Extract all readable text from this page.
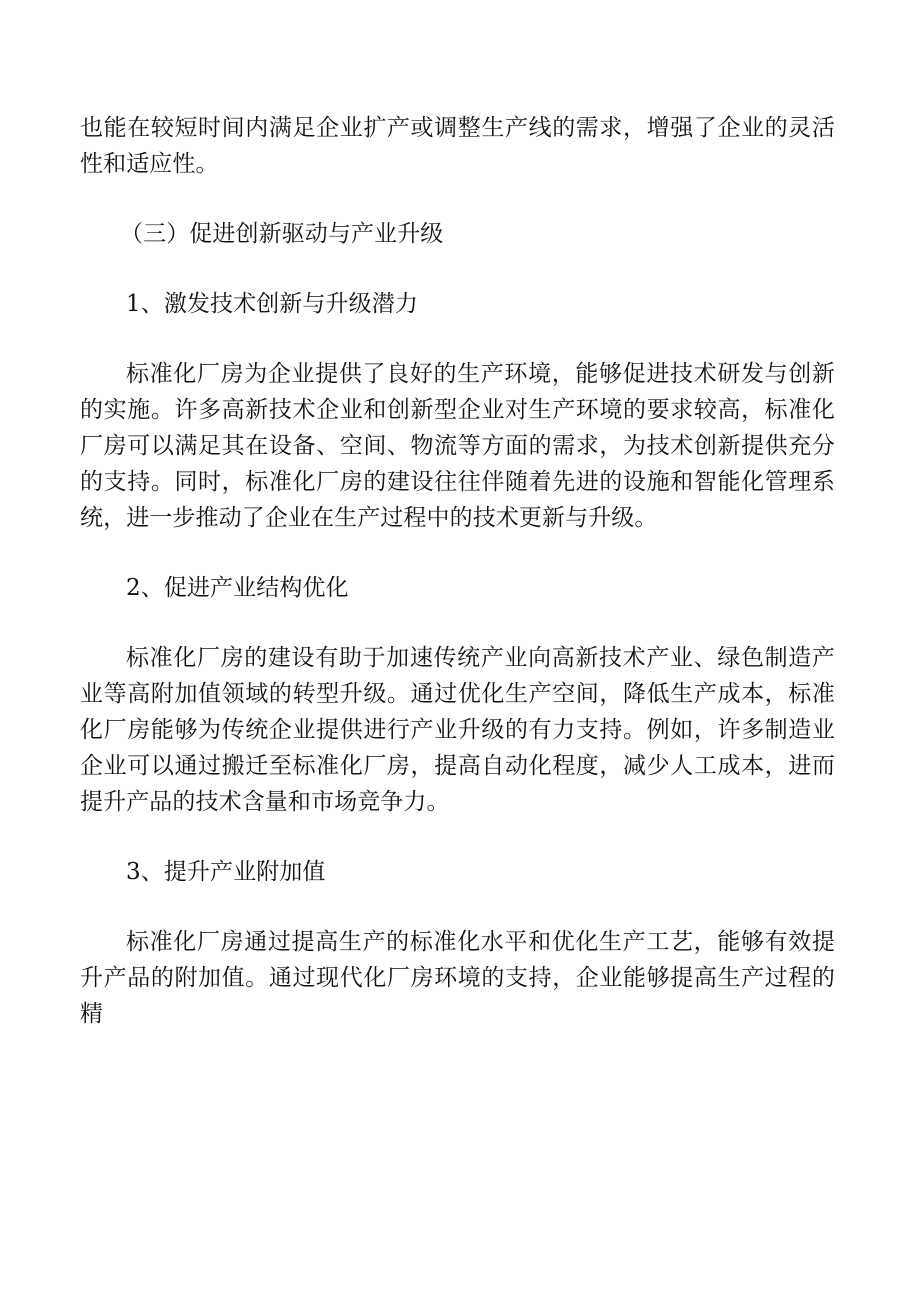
也能在较短时间内满足企业扩产或调整生产线的需求，增强了企业的灵活性和适应性。

（三）促进创新驱动与产业升级

1、激发技术创新与升级潜力

标准化厂房为企业提供了良好的生产环境，能够促进技术研发与创新的实施。许多高新技术企业和创新型企业对生产环境的要求较高，标准化厂房可以满足其在设备、空间、物流等方面的需求，为技术创新提供充分的支持。同时，标准化厂房的建设往往伴随着先进的设施和智能化管理系统，进一步推动了企业在生产过程中的技术更新与升级。

2、促进产业结构优化

标准化厂房的建设有助于加速传统产业向高新技术产业、绿色制造产业等高附加值领域的转型升级。通过优化生产空间，降低生产成本，标准化厂房能够为传统企业提供进行产业升级的有力支持。例如，许多制造业企业可以通过搬迁至标准化厂房，提高自动化程度，减少人工成本，进而提升产品的技术含量和市场竞争力。

3、提升产业附加值

标准化厂房通过提高生产的标准化水平和优化生产工艺，能够有效提升产品的附加值。通过现代化厂房环境的支持，企业能够提高生产过程的精
